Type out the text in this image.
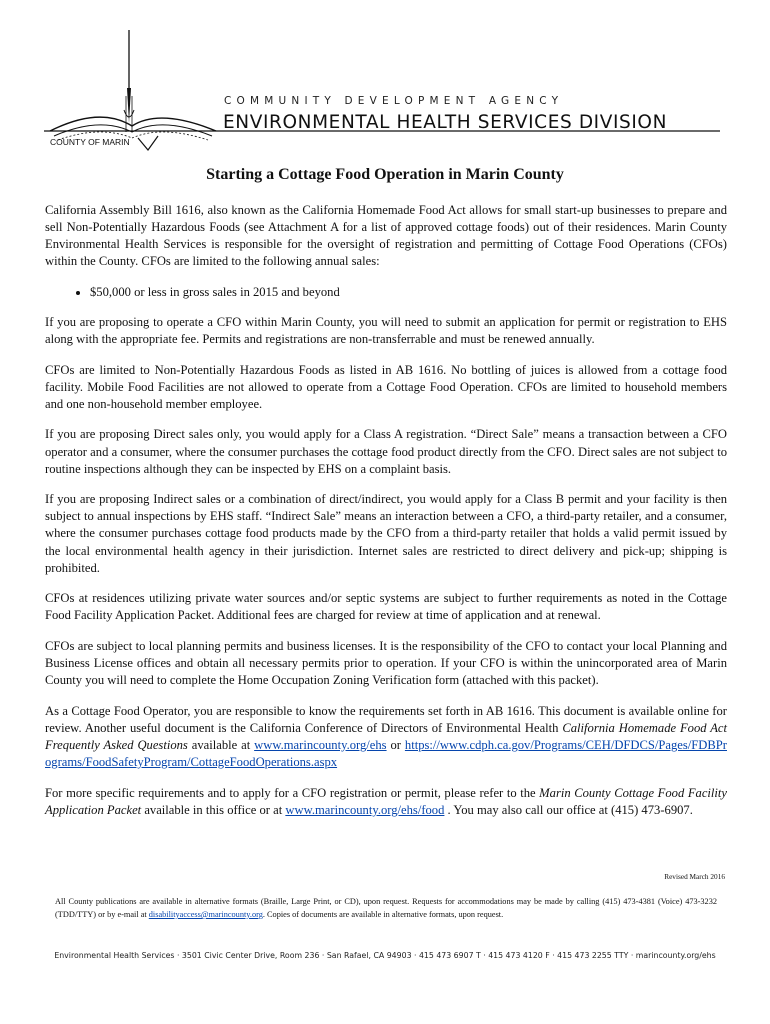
COMMUNITY DEVELOPMENT AGENCY
ENVIRONMENTAL HEALTH SERVICES DIVISION
COUNTY OF MARIN
Starting a Cottage Food Operation in Marin County

California Assembly Bill 1616, also known as the California Homemade Food Act allows for small start-up businesses to prepare and sell Non-Potentially Hazardous Foods (see Attachment A for a list of approved cottage foods) out of their residences. Marin County Environmental Health Services is responsible for the oversight of registration and permitting of Cottage Food Operations (CFOs) within the County. CFOs are limited to the following annual sales:

• $50,000 or less in gross sales in 2015 and beyond

If you are proposing to operate a CFO within Marin County, you will need to submit an application for permit or registration to EHS along with the appropriate fee. Permits and registrations are non-transferrable and must be renewed annually.

CFOs are limited to Non-Potentially Hazardous Foods as listed in AB 1616. No bottling of juices is allowed from a cottage food facility. Mobile Food Facilities are not allowed to operate from a Cottage Food Operation. CFOs are limited to household members and one non-household member employee.

If you are proposing Direct sales only, you would apply for a Class A registration. “Direct Sale” means a transaction between a CFO operator and a consumer, where the consumer purchases the cottage food product directly from the CFO. Direct sales are not subject to routine inspections although they can be inspected by EHS on a complaint basis.

If you are proposing Indirect sales or a combination of direct/indirect, you would apply for a Class B permit and your facility is then subject to annual inspections by EHS staff. “Indirect Sale” means an interaction between a CFO, a third-party retailer, and a consumer, where the consumer purchases cottage food products made by the CFO from a third-party retailer that holds a valid permit issued by the local environmental health agency in their jurisdiction. Internet sales are restricted to direct delivery and pick-up; shipping is prohibited.

CFOs at residences utilizing private water sources and/or septic systems are subject to further requirements as noted in the Cottage Food Facility Application Packet. Additional fees are charged for review at time of application and at renewal.

CFOs are subject to local planning permits and business licenses. It is the responsibility of the CFO to contact your local Planning and Business License offices and obtain all necessary permits prior to operation. If your CFO is within the unincorporated area of Marin County you will need to complete the Home Occupation Zoning Verification form (attached with this packet).

As a Cottage Food Operator, you are responsible to know the requirements set forth in AB 1616. This document is available online for review. Another useful document is the California Conference of Directors of Environmental Health California Homemade Food Act Frequently Asked Questions available at www.marincounty.org/ehs or https://www.cdph.ca.gov/Programs/CEH/DFDCS/Pages/FDBPrograms/FoodSafetyProgram/CottageFoodOperations.aspx

For more specific requirements and to apply for a CFO registration or permit, please refer to the Marin County Cottage Food Facility Application Packet available in this office or at www.marincounty.org/ehs/food . You may also call our office at (415) 473-6907.

Revised March 2016
All County publications are available in alternative formats (Braille, Large Print, or CD), upon request. Requests for accommodations may be made by calling (415) 473-4381 (Voice) 473-3232 (TDD/TTY) or by e-mail at disabilityaccess@marincounty.org. Copies of documents are available in alternative formats, upon request.
Environmental Health Services · 3501 Civic Center Drive, Room 236 · San Rafael, CA 94903 · 415 473 6907 T · 415 473 4120 F · 415 473 2255 TTY · marincounty.org/ehs
